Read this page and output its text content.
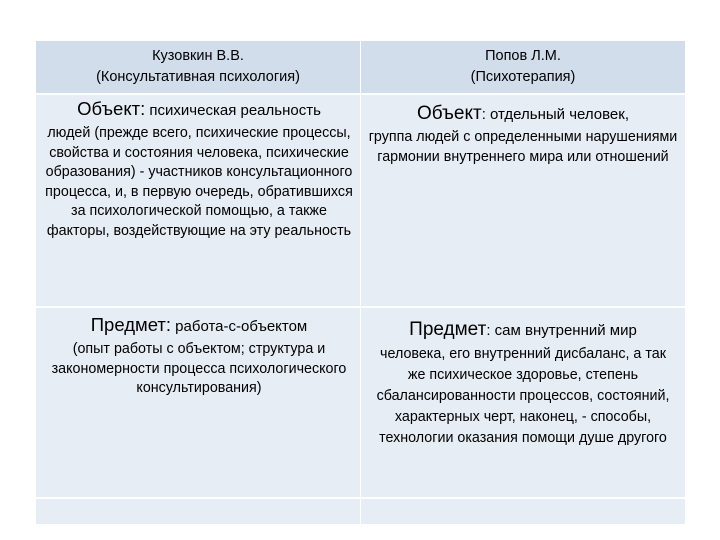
Кузовкин В.В.
(Консультативная психология)
Попов Л.М.
(Психотерапия)
Объект: психическая реальность
людей (прежде всего, психические процессы, свойства и состояния человека, психические образования) - участников консультационного процесса, и, в первую очередь, обратившихся за психологической помощью, а также факторы, воздействующие на эту реальность
Объект: отдельный человек,
группа людей с определенными нарушениями гармонии внутреннего мира или отношений
Предмет: работа-с-объектом
(опыт работы с объектом; структура и закономерности процесса психологического консультирования)
Предмет: сам внутренний мир
человека, его внутренний дисбаланс, а так же психическое здоровье, степень сбалансированности процессов, состояний, характерных черт, наконец, - способы, технологии оказания помощи душе другого
